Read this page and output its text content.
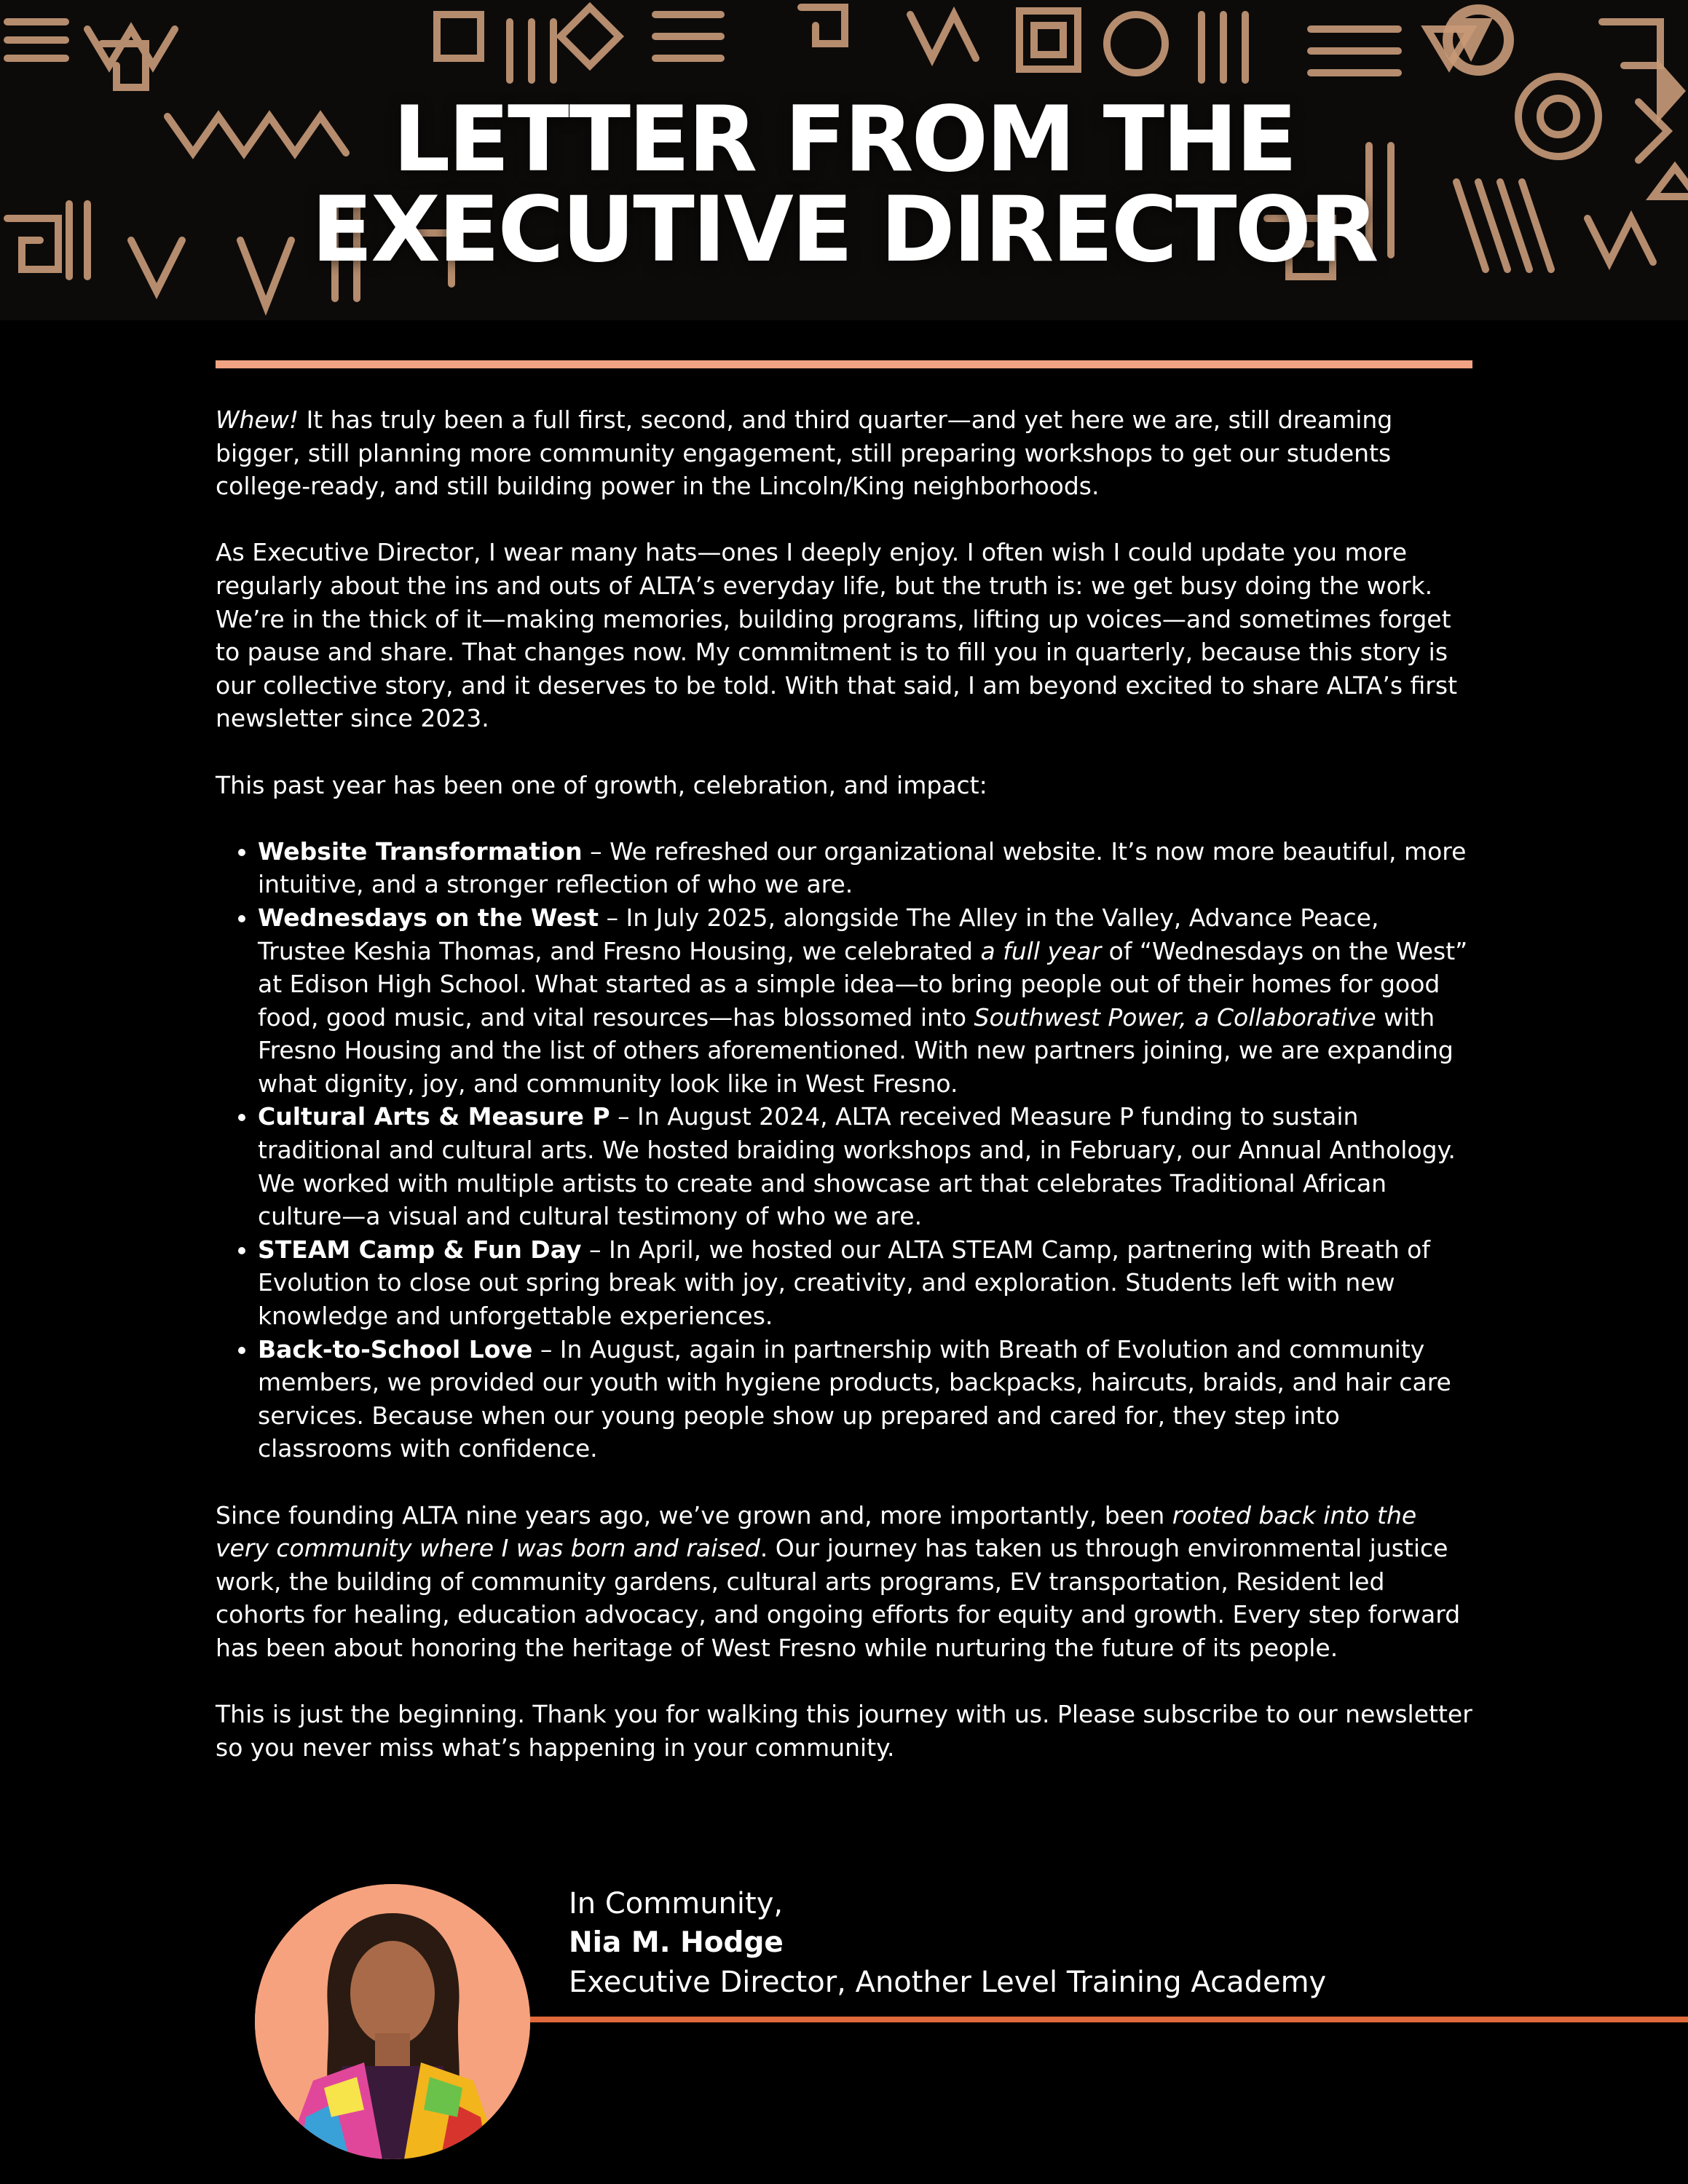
LETTER FROM THE
EXECUTIVE DIRECTOR

Whew! It has truly been a full first, second, and third quarter—and yet here we are, still dreaming bigger, still planning more community engagement, still preparing workshops to get our students college-ready, and still building power in the Lincoln/King neighborhoods.

As Executive Director, I wear many hats—ones I deeply enjoy. I often wish I could update you more regularly about the ins and outs of ALTA’s everyday life, but the truth is: we get busy doing the work. We’re in the thick of it—making memories, building programs, lifting up voices—and sometimes forget to pause and share. That changes now. My commitment is to fill you in quarterly, because this story is our collective story, and it deserves to be told. With that said, I am beyond excited to share ALTA’s first newsletter since 2023.

This past year has been one of growth, celebration, and impact:

• Website Transformation – We refreshed our organizational website. It’s now more beautiful, more intuitive, and a stronger reflection of who we are.
• Wednesdays on the West – In July 2025, alongside The Alley in the Valley, Advance Peace, Trustee Keshia Thomas, and Fresno Housing, we celebrated a full year of “Wednesdays on the West” at Edison High School. What started as a simple idea—to bring people out of their homes for good food, good music, and vital resources—has blossomed into Southwest Power, a Collaborative with Fresno Housing and the list of others aforementioned. With new partners joining, we are expanding what dignity, joy, and community look like in West Fresno.
• Cultural Arts & Measure P – In August 2024, ALTA received Measure P funding to sustain traditional and cultural arts. We hosted braiding workshops and, in February, our Annual Anthology. We worked with multiple artists to create and showcase art that celebrates Traditional African culture—a visual and cultural testimony of who we are.
• STEAM Camp & Fun Day – In April, we hosted our ALTA STEAM Camp, partnering with Breath of Evolution to close out spring break with joy, creativity, and exploration. Students left with new knowledge and unforgettable experiences.
• Back-to-School Love – In August, again in partnership with Breath of Evolution and community members, we provided our youth with hygiene products, backpacks, haircuts, braids, and hair care services. Because when our young people show up prepared and cared for, they step into classrooms with confidence.

Since founding ALTA nine years ago, we’ve grown and, more importantly, been rooted back into the very community where I was born and raised. Our journey has taken us through environmental justice work, the building of community gardens, cultural arts programs, EV transportation, Resident led cohorts for healing, education advocacy, and ongoing efforts for equity and growth. Every step forward has been about honoring the heritage of West Fresno while nurturing the future of its people.

This is just the beginning. Thank you for walking this journey with us. Please subscribe to our newsletter so you never miss what’s happening in your community.

In Community,
Nia M. Hodge
Executive Director, Another Level Training Academy
